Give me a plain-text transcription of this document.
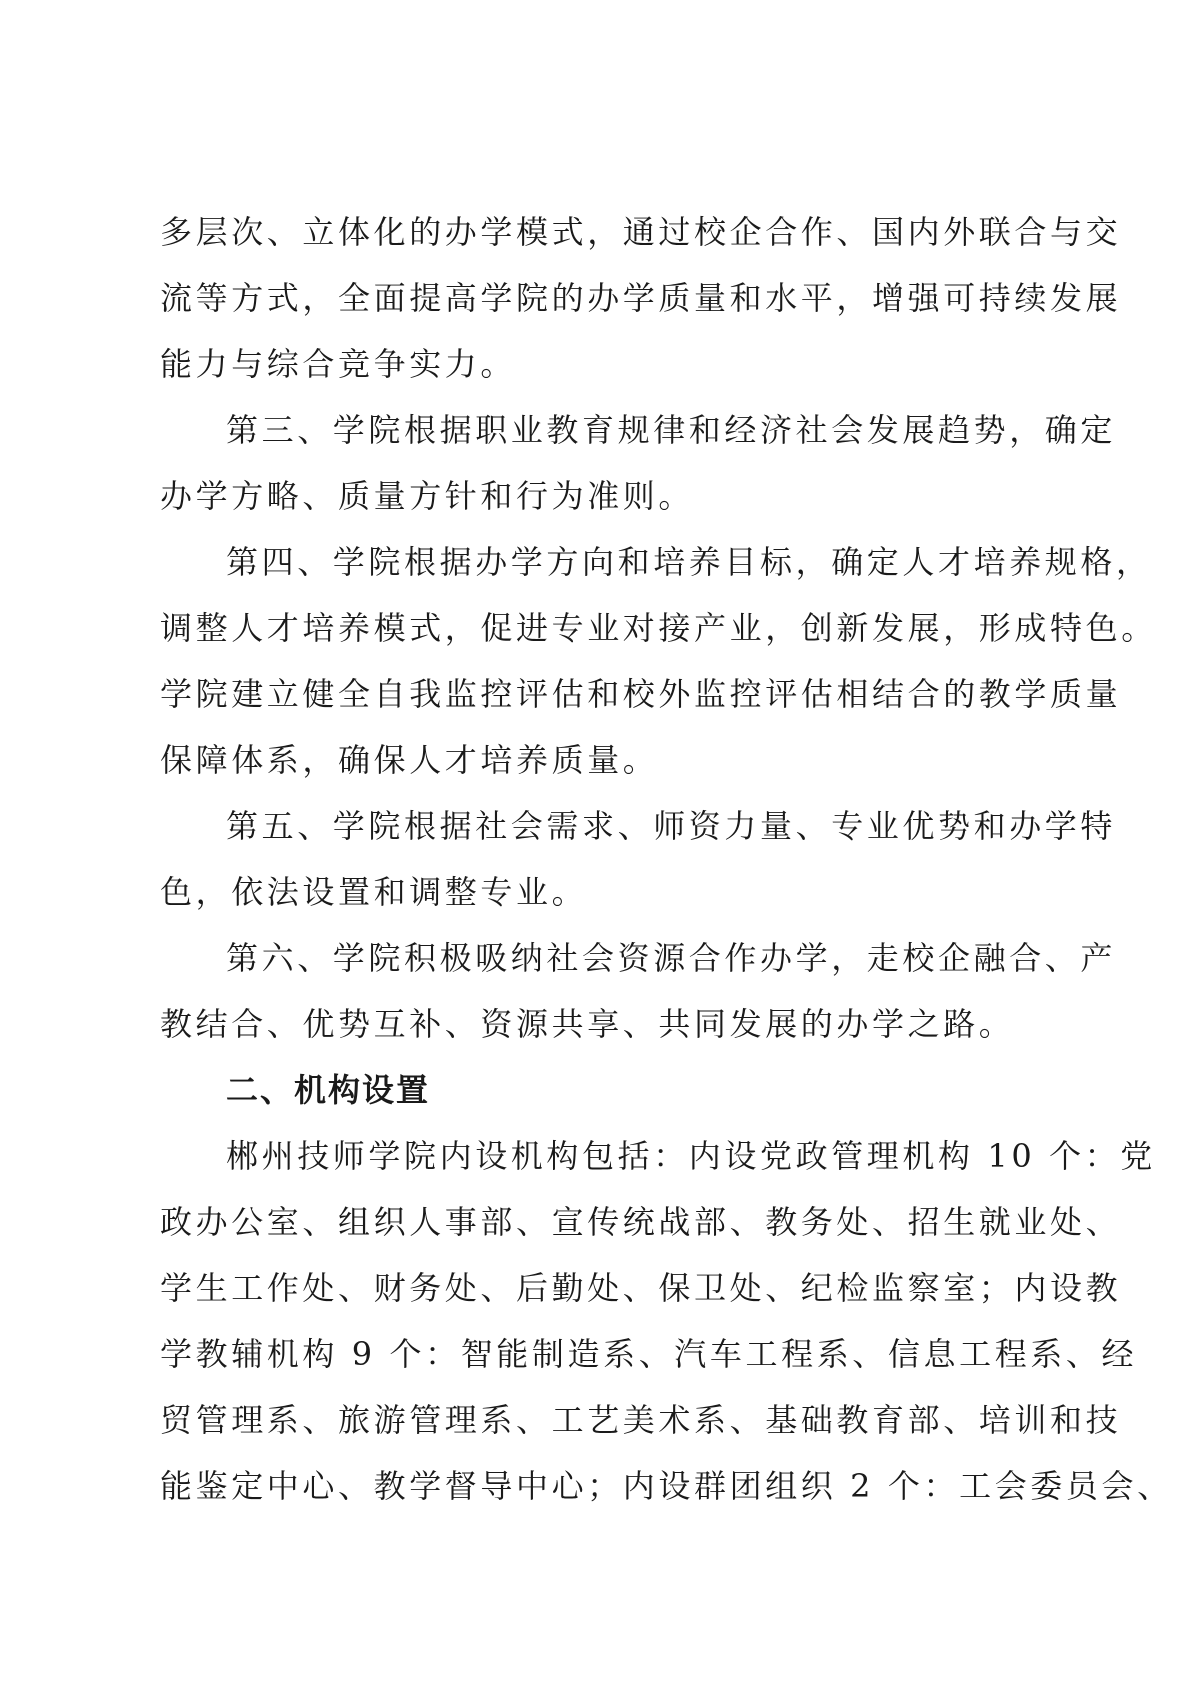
多层次、立体化的办学模式，通过校企合作、国内外联合与交
流等方式，全面提高学院的办学质量和水平，增强可持续发展
能力与综合竞争实力。
第三、学院根据职业教育规律和经济社会发展趋势，确定
办学方略、质量方针和行为准则。
第四、学院根据办学方向和培养目标，确定人才培养规格，
调整人才培养模式，促进专业对接产业，创新发展，形成特色。
学院建立健全自我监控评估和校外监控评估相结合的教学质量
保障体系，确保人才培养质量。
第五、学院根据社会需求、师资力量、专业优势和办学特
色，依法设置和调整专业。
第六、学院积极吸纳社会资源合作办学，走校企融合、产
教结合、优势互补、资源共享、共同发展的办学之路。
二、机构设置
郴州技师学院内设机构包括：内设党政管理机构 10 个：党
政办公室、组织人事部、宣传统战部、教务处、招生就业处、
学生工作处、财务处、后勤处、保卫处、纪检监察室；内设教
学教辅机构 9 个：智能制造系、汽车工程系、信息工程系、经
贸管理系、旅游管理系、工艺美术系、基础教育部、培训和技
能鉴定中心、教学督导中心；内设群团组织 2 个：工会委员会、
